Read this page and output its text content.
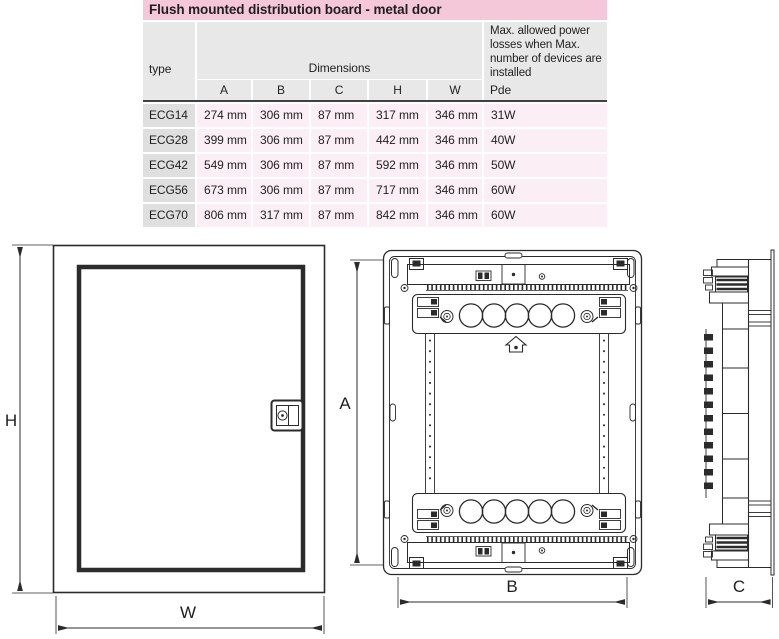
H
W
A
B	C
Flush mounted distribution board - metal door
type	Dimensions
Max. allowed power losses when Max. number of devices are installed
Pde
A	B	C	H	W
ECG14	274 mm	306 mm	87 mm	317 mm	346 mm	31W
ECG28	399 mm	306 mm	87 mm	442 mm	346 mm	40W
ECG42	549 mm	306 mm	87 mm	592 mm	346 mm	50W
ECG56	673 mm	306 mm	87 mm	717 mm	346 mm	60W
ECG70	806 mm	317 mm	87 mm	842 mm	346 mm	60W
